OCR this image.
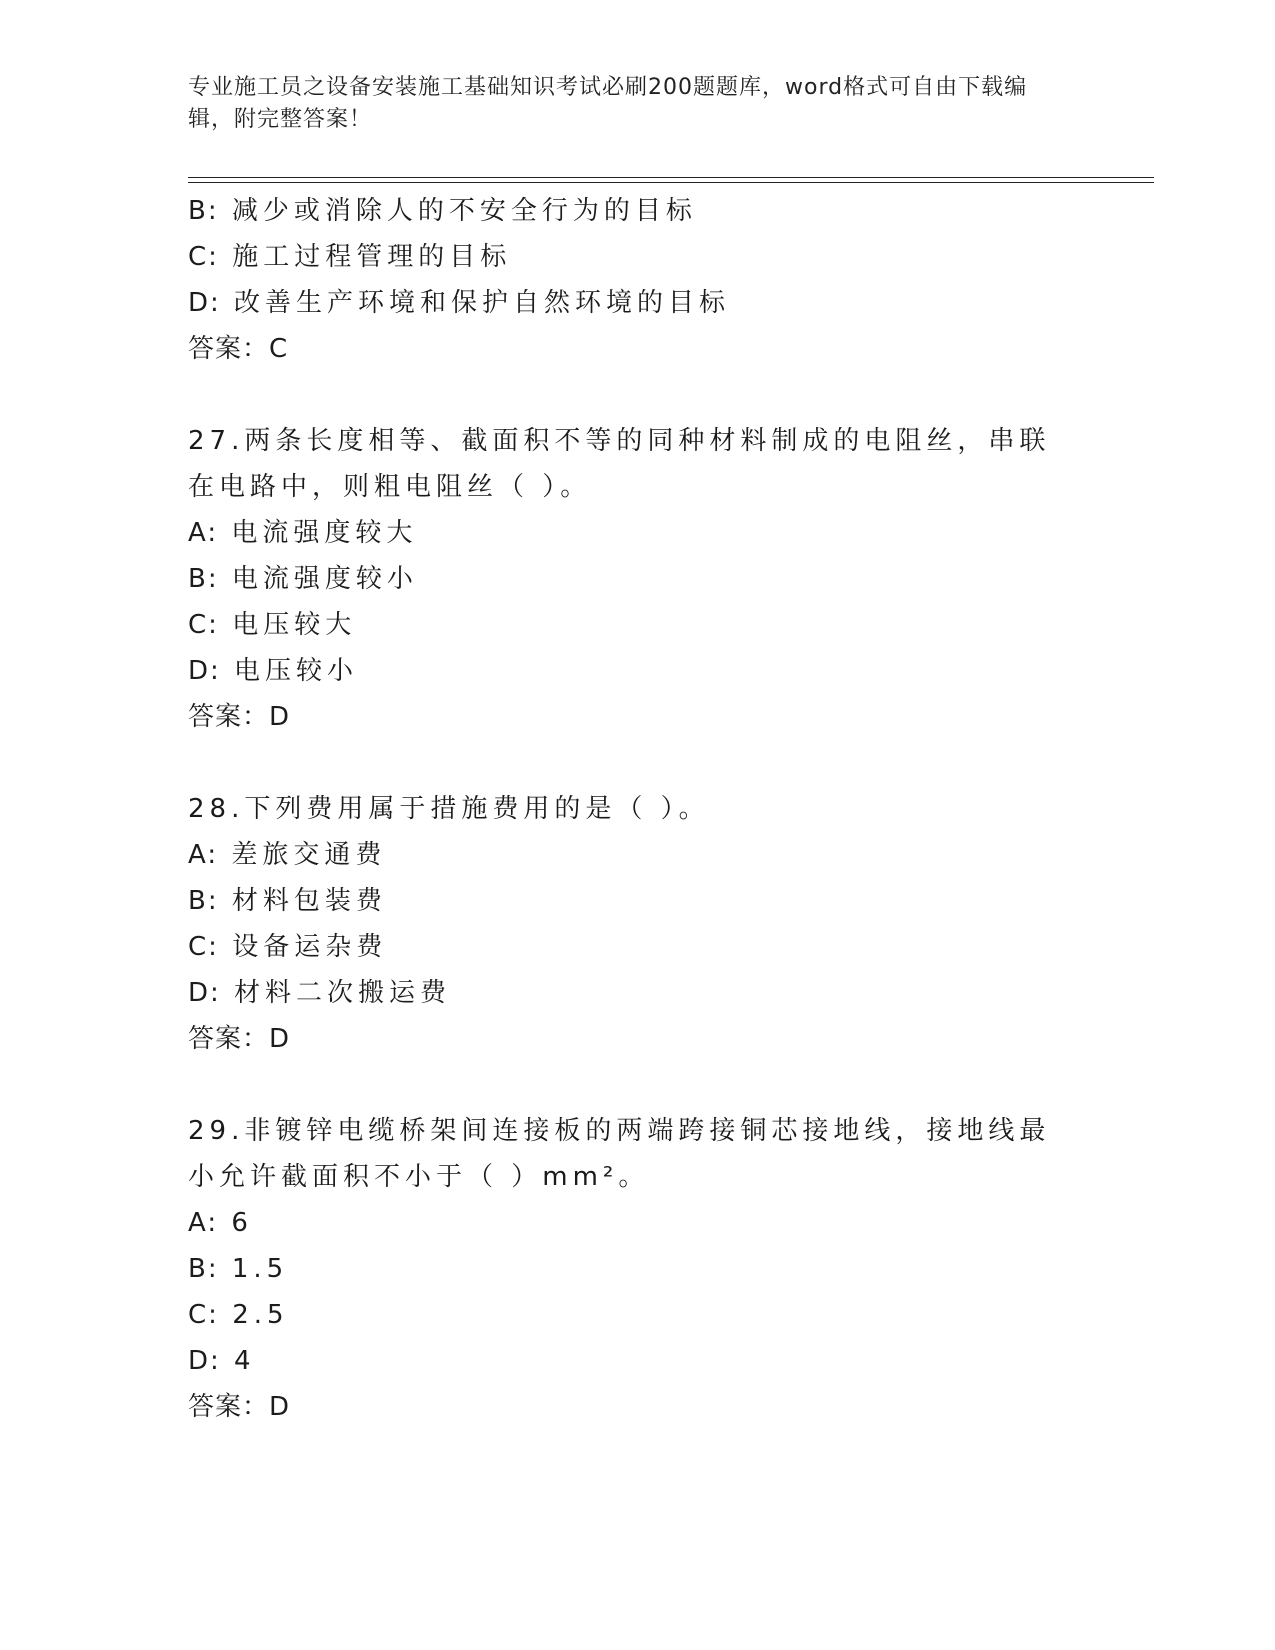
专业施工员之设备安装施工基础知识考试必刷200题题库，word格式可自由下载编辑，附完整答案！
B: 减少或消除人的不安全行为的目标
C: 施工过程管理的目标
D: 改善生产环境和保护自然环境的目标
答案：C
27.两条长度相等、截面积不等的同种材料制成的电阻丝，串联在电路中，则粗电阻丝（ ）。
A: 电流强度较大
B: 电流强度较小
C: 电压较大
D: 电压较小
答案：D
28.下列费用属于措施费用的是（ ）。
A: 差旅交通费
B: 材料包装费
C: 设备运杂费
D: 材料二次搬运费
答案：D
29.非镀锌电缆桥架间连接板的两端跨接铜芯接地线，接地线最小允许截面积不小于（ ）mm²。
A: 6
B: 1.5
C: 2.5
D: 4
答案：D
